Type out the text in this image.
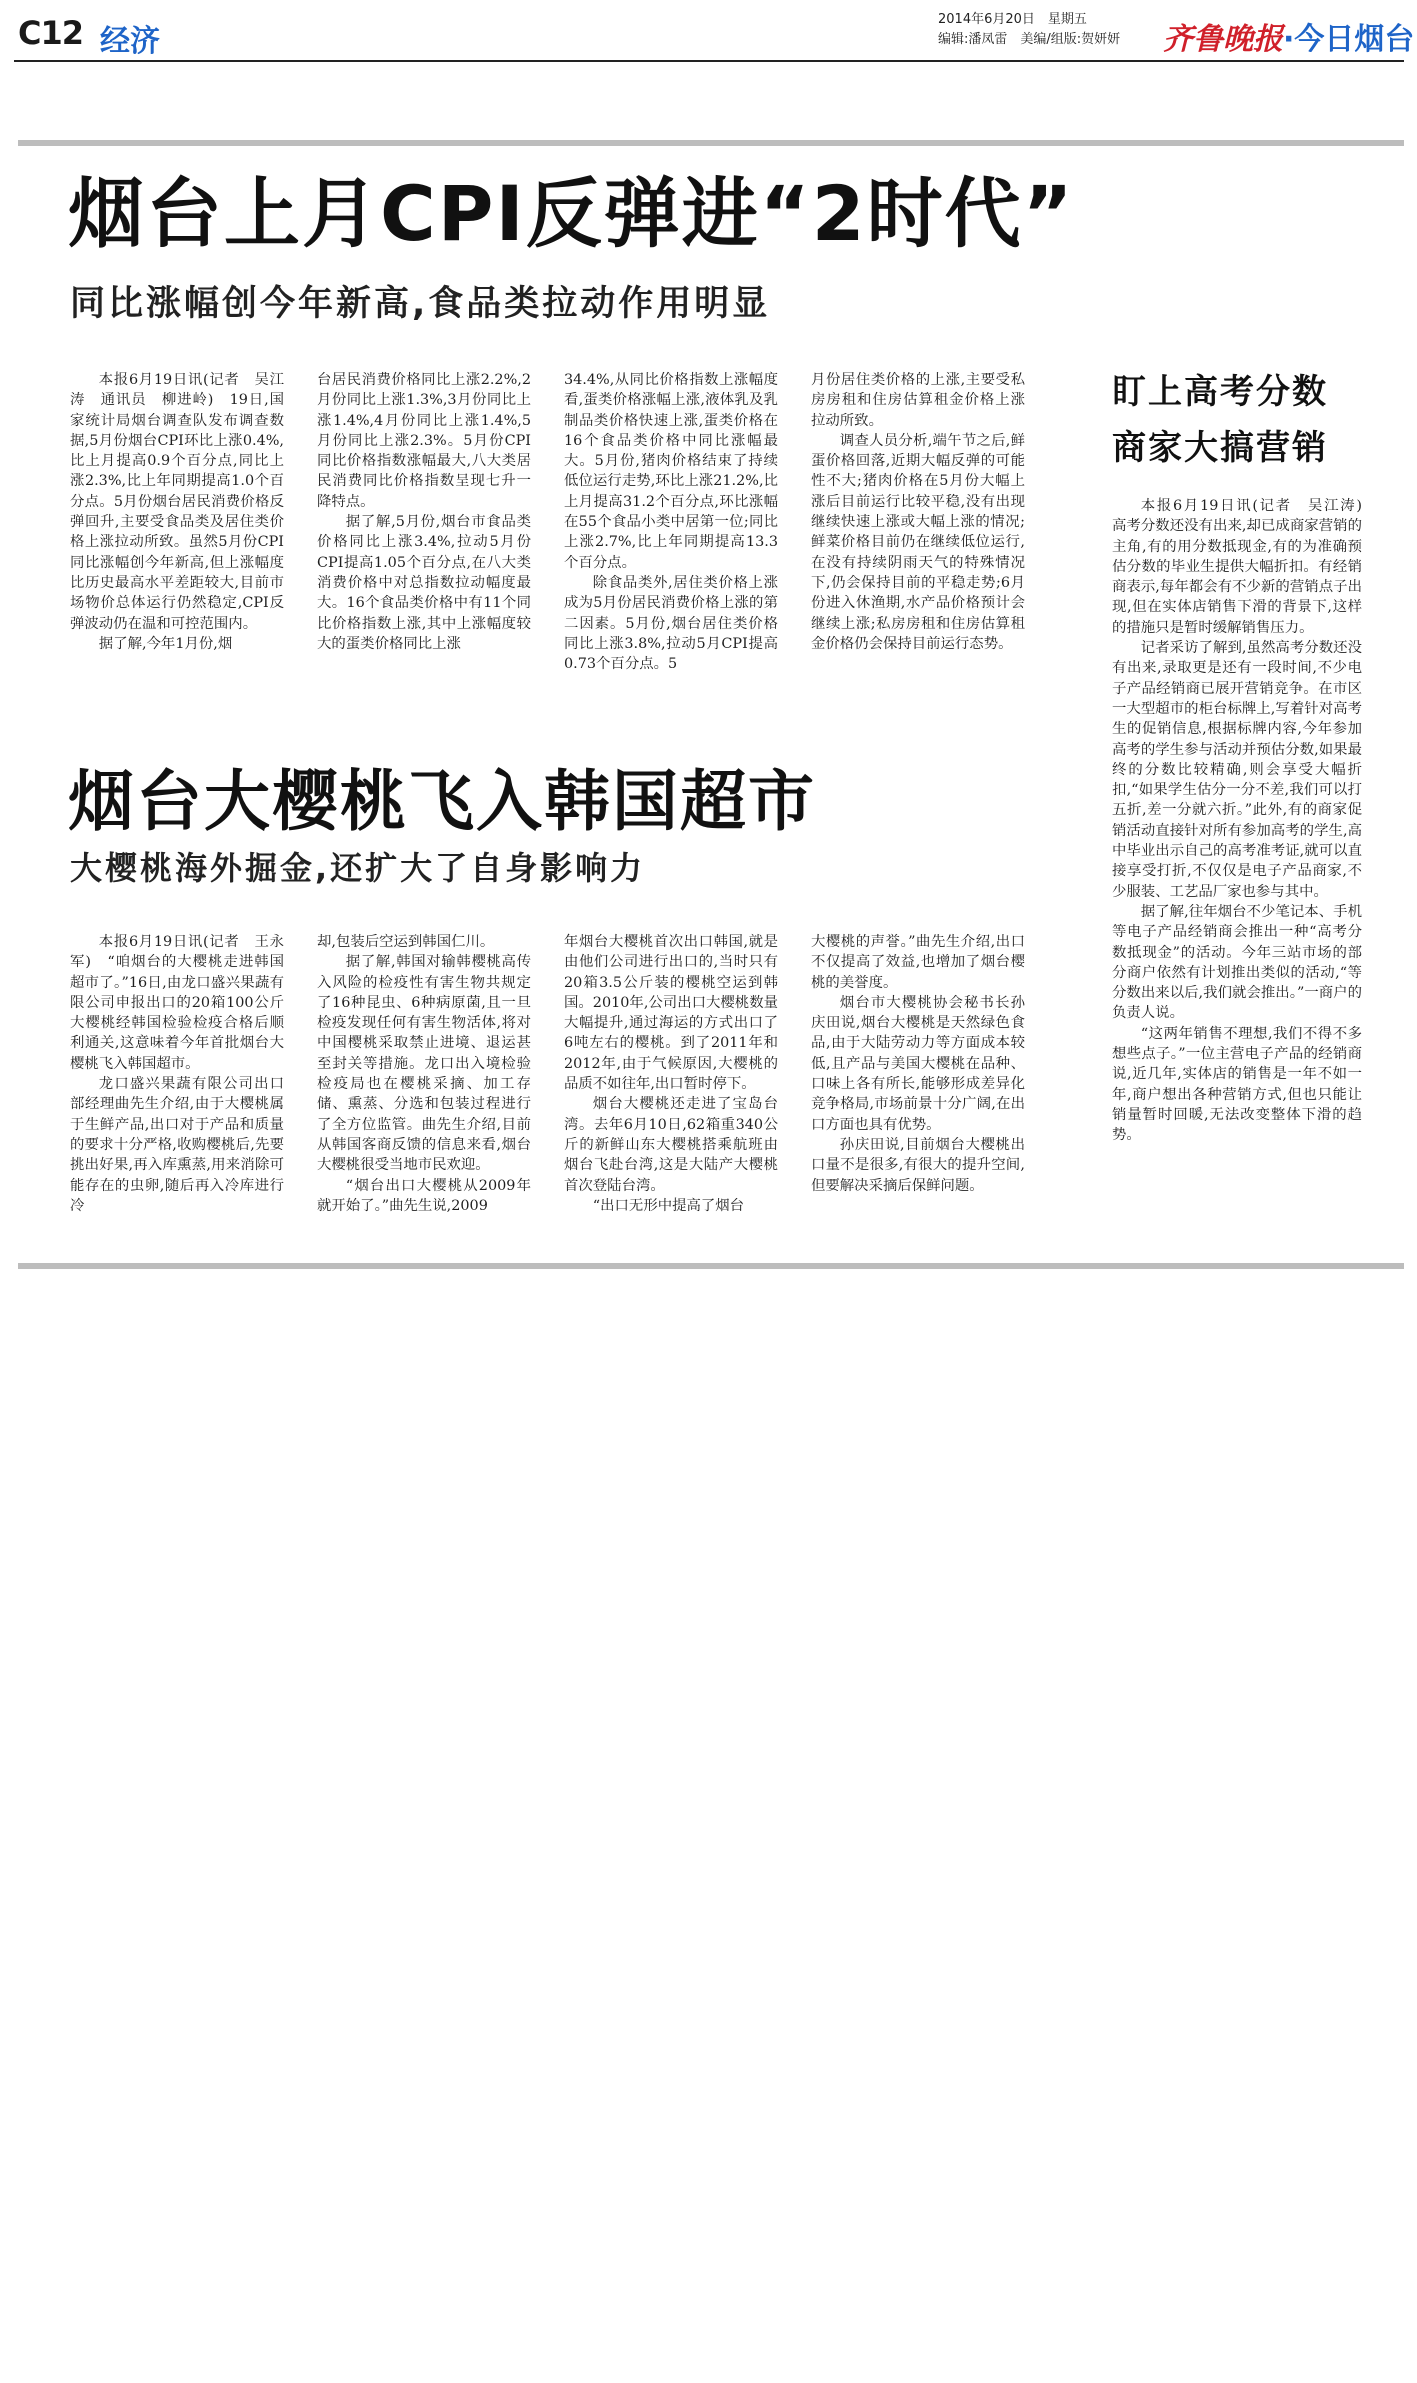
C12 经济
2014年6月20日　星期五
编辑:潘凤雷　美编/组版:贺妍妍	齐鲁晚报·今日烟台
烟台上月CPI反弹进“2时代”
同比涨幅创今年新高,食品类拉动作用明显

本报6月19日讯(记者　吴江涛　通讯员　柳进岭)　19日,国家统计局烟台调查队发布调查数据,5月份烟台CPI环比上涨0.4%,比上月提高0.9个百分点,同比上涨2.3%,比上年同期提高1.0个百分点。5月份烟台居民消费价格反弹回升,主要受食品类及居住类价格上涨拉动所致。虽然5月份CPI同比涨幅创今年新高,但上涨幅度比历史最高水平差距较大,目前市场物价总体运行仍然稳定,CPI反弹波动仍在温和可控范围内。

据了解,今年1月份,烟

台居民消费价格同比上涨2.2%,2月份同比上涨1.3%,3月份同比上涨1.4%,4月份同比上涨1.4%,5月份同比上涨2.3%。5月份CPI同比价格指数涨幅最大,八大类居民消费同比价格指数呈现七升一降特点。

据了解,5月份,烟台市食品类价格同比上涨3.4%,拉动5月份CPI提高1.05个百分点,在八大类消费价格中对总指数拉动幅度最大。16个食品类价格中有11个同比价格指数上涨,其中上涨幅度较大的蛋类价格同比上涨

34.4%,从同比价格指数上涨幅度看,蛋类价格涨幅上涨,液体乳及乳制品类价格快速上涨,蛋类价格在16个食品类价格中同比涨幅最大。5月份,猪肉价格结束了持续低位运行走势,环比上涨21.2%,比上月提高31.2个百分点,环比涨幅在55个食品小类中居第一位;同比上涨2.7%,比上年同期提高13.3个百分点。

除食品类外,居住类价格上涨成为5月份居民消费价格上涨的第二因素。5月份,烟台居住类价格同比上涨3.8%,拉动5月CPI提高0.73个百分点。5

月份居住类价格的上涨,主要受私房房租和住房估算租金价格上涨拉动所致。

调查人员分析,端午节之后,鲜蛋价格回落,近期大幅反弹的可能性不大;猪肉价格在5月份大幅上涨后目前运行比较平稳,没有出现继续快速上涨或大幅上涨的情况;鲜菜价格目前仍在继续低位运行,在没有持续阴雨天气的特殊情况下,仍会保持目前的平稳走势;6月份进入休渔期,水产品价格预计会继续上涨;私房房租和住房估算租金价格仍会保持目前运行态势。

烟台大樱桃飞入韩国超市
大樱桃海外掘金,还扩大了自身影响力

本报6月19日讯(记者　王永军)　“咱烟台的大樱桃走进韩国超市了。”16日,由龙口盛兴果蔬有限公司申报出口的20箱100公斤大樱桃经韩国检验检疫合格后顺利通关,这意味着今年首批烟台大樱桃飞入韩国超市。

龙口盛兴果蔬有限公司出口部经理曲先生介绍,由于大樱桃属于生鲜产品,出口对于产品和质量的要求十分严格,收购樱桃后,先要挑出好果,再入库熏蒸,用来消除可能存在的虫卵,随后再入冷库进行冷

却,包装后空运到韩国仁川。

据了解,韩国对输韩樱桃高传入风险的检疫性有害生物共规定了16种昆虫、6种病原菌,且一旦检疫发现任何有害生物活体,将对中国樱桃采取禁止进境、退运甚至封关等措施。龙口出入境检验检疫局也在樱桃采摘、加工存储、熏蒸、分选和包装过程进行了全方位监管。曲先生介绍,目前从韩国客商反馈的信息来看,烟台大樱桃很受当地市民欢迎。

“烟台出口大樱桃从2009年就开始了。”曲先生说,2009

年烟台大樱桃首次出口韩国,就是由他们公司进行出口的,当时只有20箱3.5公斤装的樱桃空运到韩国。2010年,公司出口大樱桃数量大幅提升,通过海运的方式出口了6吨左右的樱桃。到了2011年和2012年,由于气候原因,大樱桃的品质不如往年,出口暂时停下。

烟台大樱桃还走进了宝岛台湾。去年6月10日,62箱重340公斤的新鲜山东大樱桃搭乘航班由烟台飞赴台湾,这是大陆产大樱桃首次登陆台湾。

“出口无形中提高了烟台

大樱桃的声誉。”曲先生介绍,出口不仅提高了效益,也增加了烟台樱桃的美誉度。

烟台市大樱桃协会秘书长孙庆田说,烟台大樱桃是天然绿色食品,由于大陆劳动力等方面成本较低,且产品与美国大樱桃在品种、口味上各有所长,能够形成差异化竞争格局,市场前景十分广阔,在出口方面也具有优势。

孙庆田说,目前烟台大樱桃出口量不是很多,有很大的提升空间,但要解决采摘后保鲜问题。

盯上高考分数
商家大搞营销

本报6月19日讯(记者　吴江涛)　高考分数还没有出来,却已成商家营销的主角,有的用分数抵现金,有的为准确预估分数的毕业生提供大幅折扣。有经销商表示,每年都会有不少新的营销点子出现,但在实体店销售下滑的背景下,这样的措施只是暂时缓解销售压力。

记者采访了解到,虽然高考分数还没有出来,录取更是还有一段时间,不少电子产品经销商已展开营销竞争。在市区一大型超市的柜台标牌上,写着针对高考生的促销信息,根据标牌内容,今年参加高考的学生参与活动并预估分数,如果最终的分数比较精确,则会享受大幅折扣,“如果学生估分一分不差,我们可以打五折,差一分就六折。”此外,有的商家促销活动直接针对所有参加高考的学生,高中毕业出示自己的高考准考证,就可以直接享受打折,不仅仅是电子产品商家,不少服装、工艺品厂家也参与其中。

据了解,往年烟台不少笔记本、手机等电子产品经销商会推出一种“高考分数抵现金”的活动。今年三站市场的部分商户依然有计划推出类似的活动,“等分数出来以后,我们就会推出。”一商户的负责人说。

“这两年销售不理想,我们不得不多想些点子。”一位主营电子产品的经销商说,近几年,实体店的销售是一年不如一年,商户想出各种营销方式,但也只能让销量暂时回暖,无法改变整体下滑的趋势。
